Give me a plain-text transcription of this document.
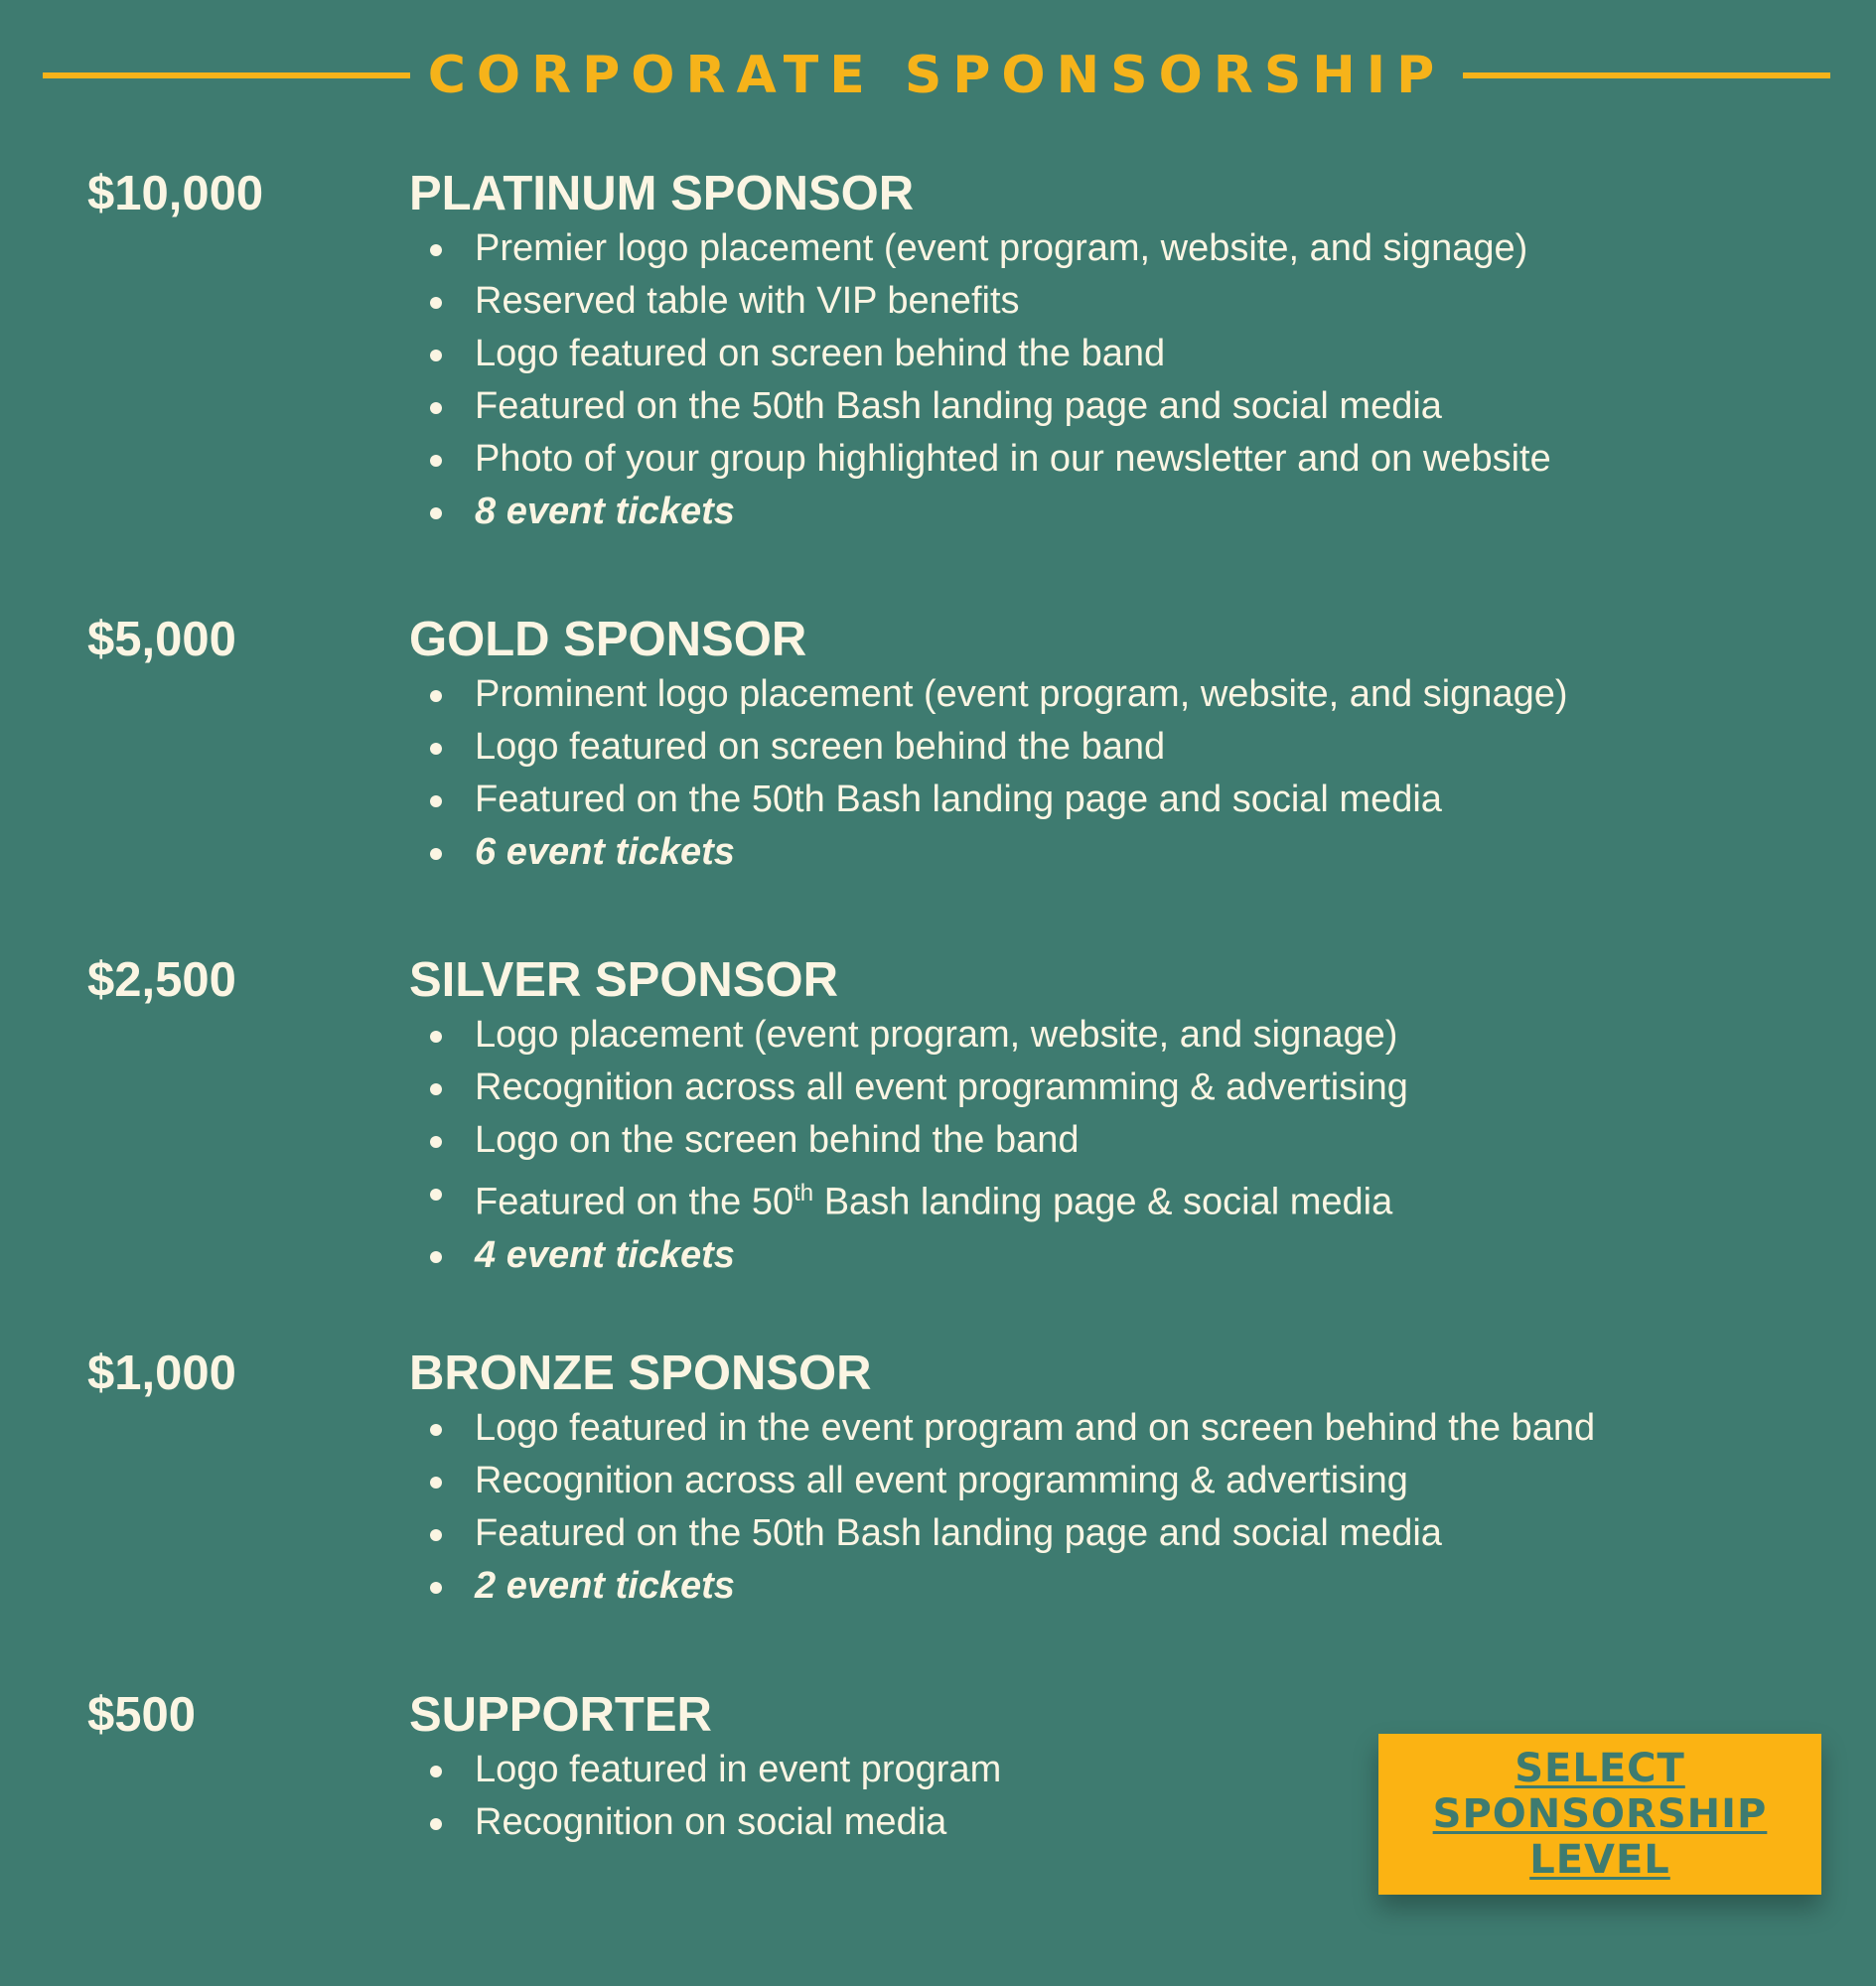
CORPORATE SPONSORSHIP
$10,000	PLATINUM SPONSOR
Premier logo placement (event program, website, and signage)
Reserved table with VIP benefits
Logo featured on screen behind the band
Featured on the 50th Bash landing page and social media
Photo of your group highlighted in our newsletter and on website
8 event tickets
$5,000	GOLD SPONSOR
Prominent logo placement (event program, website, and signage)
Logo featured on screen behind the band
Featured on the 50th Bash landing page and social media
6 event tickets
$2,500	SILVER SPONSOR
Logo placement (event program, website, and signage)
Recognition across all event programming & advertising
Logo on the screen behind the band
Featured on the 50th Bash landing page & social media
4 event tickets
$1,000	BRONZE SPONSOR
Logo featured in the event program and on screen behind the band
Recognition across all event programming & advertising
Featured on the 50th Bash landing page and social media
2 event tickets
$500	SUPPORTER
Logo featured in event program
Recognition on social media
SELECT
SPONSORSHIP
LEVEL
